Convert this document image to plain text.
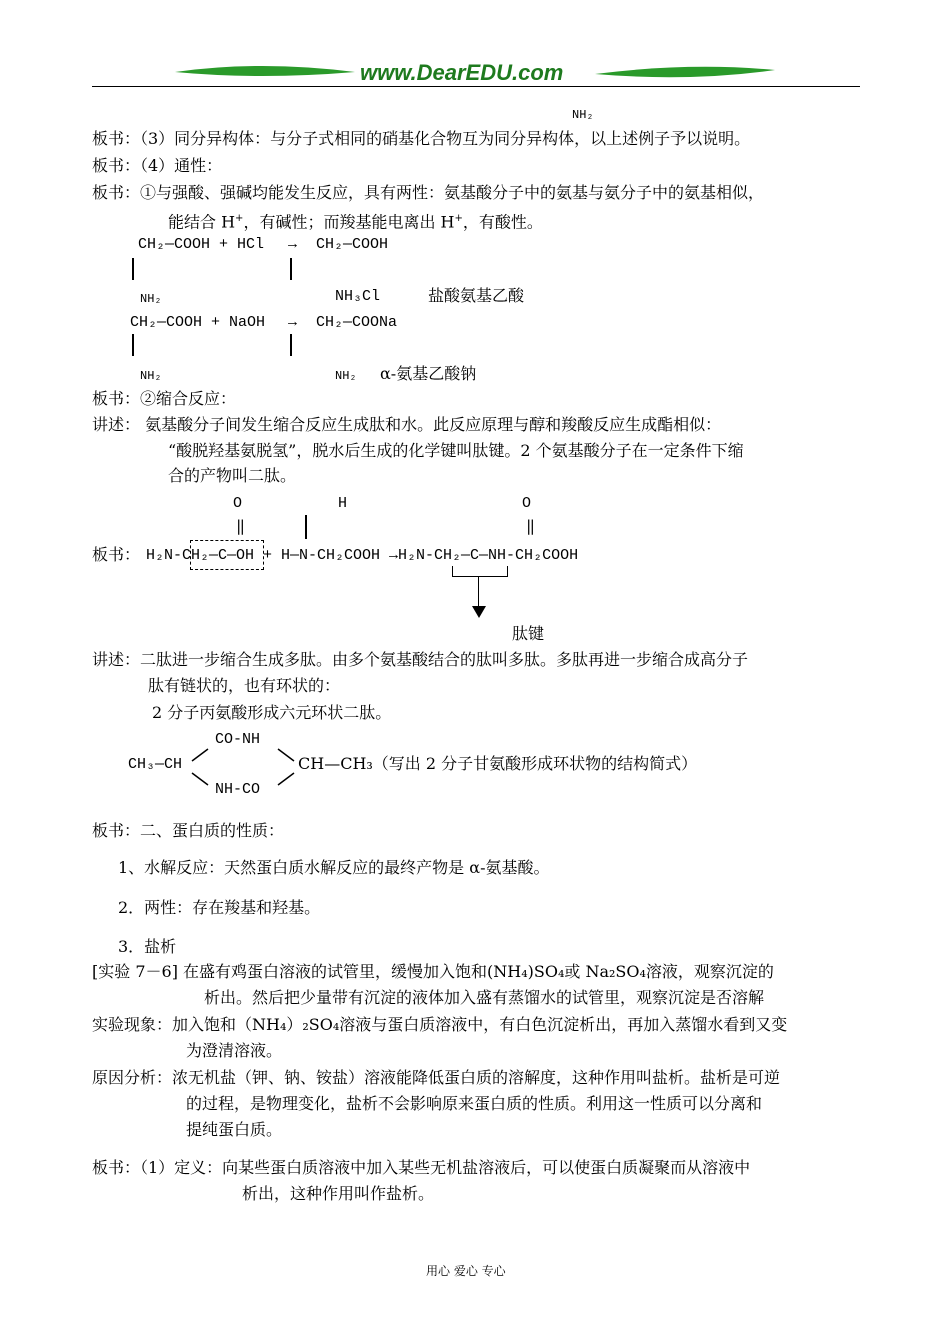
www.DearEDU.com
NH₂
板书：（3）同分异构体：与分子式相同的硝基化合物互为同分异构体，以上述例子予以说明。
板书：（4）通性：
板书：①与强酸、强碱均能发生反应，具有两性：氨基酸分子中的氨基与氨分子中的氨基相似，
能结合 H+，有碱性；而羧基能电离出 H+，有酸性。
CH₂—COOH + HCl → CH₂—COOH
NH₂	NH₃Cl	盐酸氨基乙酸
CH₂—COOH + NaOH → CH₂—COONa
NH₂	NH₂ α-氨基乙酸钠
板书：②缩合反应：
讲述： 氨基酸分子间发生缩合反应生成肽和水。此反应原理与醇和羧酸反应生成酯相似：
“酸脱羟基氨脱氢”，脱水后生成的化学键叫肽键。2 个氨基酸分子在一定条件下缩
合的产物叫二肽。
O	H	O
‖	‖
板书： H₂N-CH₂—C—OH + H—N-CH₂COOH →H₂N-CH₂—C—NH-CH₂COOH
肽键
讲述：二肽进一步缩合生成多肽。由多个氨基酸结合的肽叫多肽。多肽再进一步缩合成高分子
肽有链状的，也有环状的：
2 分子丙氨酸形成六元环状二肽。
CO-NH
CH₃—CH	CH—CH₃（写出 2 分子甘氨酸形成环状物的结构简式）
NH-CO
板书：二、蛋白质的性质：
1、水解反应：天然蛋白质水解反应的最终产物是 α-氨基酸。
2．两性：存在羧基和羟基。
3．盐析
[实验 7－6] 在盛有鸡蛋白溶液的试管里，缓慢加入饱和(NH₄)SO₄或 Na₂SO₄溶液，观察沉淀的
析出。然后把少量带有沉淀的液体加入盛有蒸馏水的试管里，观察沉淀是否溶解
实验现象：加入饱和（NH₄）₂SO₄溶液与蛋白质溶液中，有白色沉淀析出，再加入蒸馏水看到又变
为澄清溶液。
原因分析：浓无机盐（钾、钠、铵盐）溶液能降低蛋白质的溶解度，这种作用叫盐析。盐析是可逆
的过程，是物理变化，盐析不会影响原来蛋白质的性质。利用这一性质可以分离和
提纯蛋白质。
板书：（1）定义：向某些蛋白质溶液中加入某些无机盐溶液后，可以使蛋白质凝聚而从溶液中
析出，这种作用叫作盐析。
用心 爱心 专心
